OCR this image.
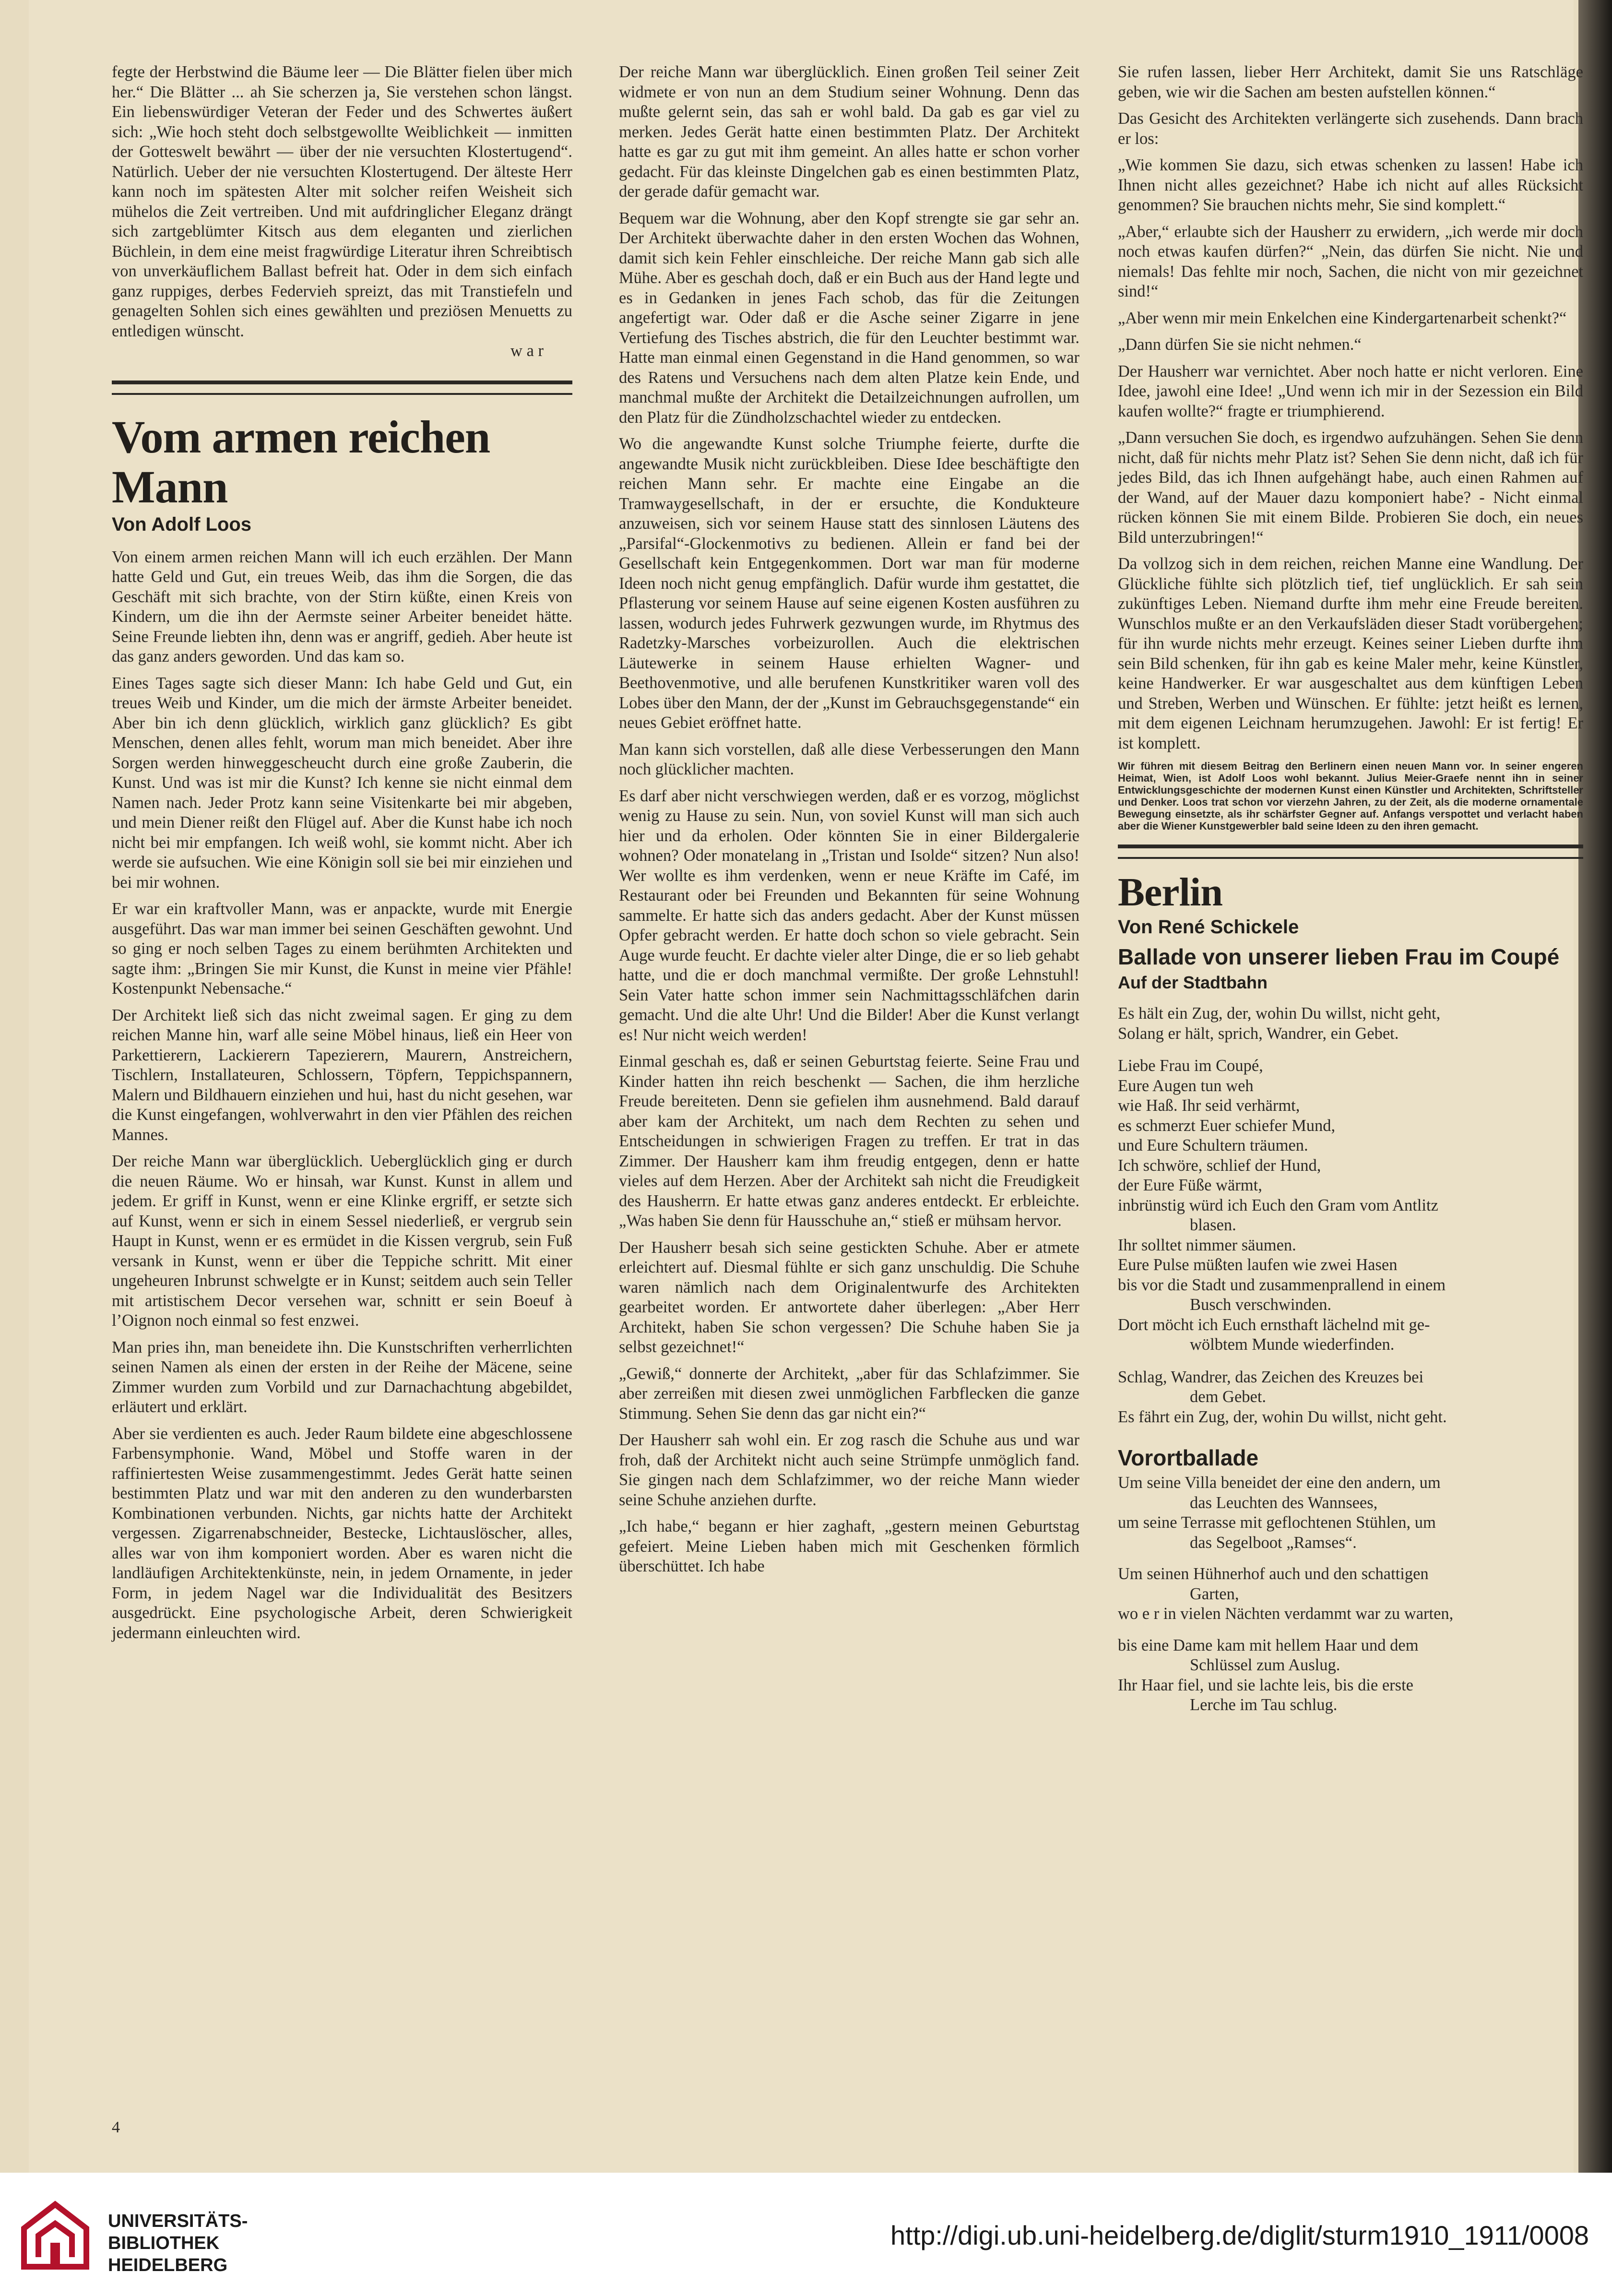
fegte der Herbstwind die Bäume leer — Die Blätter fielen über mich her.“ Die Blätter ... ah Sie scherzen ja, Sie verstehen schon längst. Ein liebenswürdiger Veteran der Feder und des Schwertes äußert sich: „Wie hoch steht doch selbstgewollte Weiblichkeit — inmitten der Gotteswelt bewährt — über der nie versuchten Klostertugend“. Natürlich. Ueber der nie versuchten Klostertugend. Der älteste Herr kann noch im spätesten Alter mit solcher reifen Weisheit sich mühelos die Zeit vertreiben. Und mit aufdringlicher Eleganz drängt sich zartgeblümter Kitsch aus dem eleganten und zierlichen Büchlein, in dem eine meist fragwürdige Literatur ihren Schreibtisch von unverkäuflichem Ballast befreit hat. Oder in dem sich einfach ganz ruppiges, derbes Federvieh spreizt, das mit Transtiefeln und genagelten Sohlen sich eines gewählten und preziösen Menuetts zu entledigen wünscht.

w a r

Vom armen reichen Mann
Von Adolf Loos

Von einem armen reichen Mann will ich euch erzählen. Der Mann hatte Geld und Gut, ein treues Weib, das ihm die Sorgen, die das Geschäft mit sich brachte, von der Stirn küßte, einen Kreis von Kindern, um die ihn der Aermste seiner Arbeiter beneidet hätte. Seine Freunde liebten ihn, denn was er angriff, gedieh. Aber heute ist das ganz anders geworden. Und das kam so.

Eines Tages sagte sich dieser Mann: Ich habe Geld und Gut, ein treues Weib und Kinder, um die mich der ärmste Arbeiter beneidet. Aber bin ich denn glücklich, wirklich ganz glücklich? Es gibt Menschen, denen alles fehlt, worum man mich beneidet. Aber ihre Sorgen werden hinweggescheucht durch eine große Zauberin, die Kunst. Und was ist mir die Kunst? Ich kenne sie nicht einmal dem Namen nach. Jeder Protz kann seine Visitenkarte bei mir abgeben, und mein Diener reißt den Flügel auf. Aber die Kunst habe ich noch nicht bei mir empfangen. Ich weiß wohl, sie kommt nicht. Aber ich werde sie aufsuchen. Wie eine Königin soll sie bei mir einziehen und bei mir wohnen.

Er war ein kraftvoller Mann, was er anpackte, wurde mit Energie ausgeführt. Das war man immer bei seinen Geschäften gewohnt. Und so ging er noch selben Tages zu einem berühmten Architekten und sagte ihm: „Bringen Sie mir Kunst, die Kunst in meine vier Pfähle! Kostenpunkt Nebensache.“

Der Architekt ließ sich das nicht zweimal sagen. Er ging zu dem reichen Manne hin, warf alle seine Möbel hinaus, ließ ein Heer von Parkettierern, Lackierern Tapezierern, Maurern, Anstreichern, Tischlern, Installateuren, Schlossern, Töpfern, Teppichspannern, Malern und Bildhauern einziehen und hui, hast du nicht gesehen, war die Kunst eingefangen, wohlverwahrt in den vier Pfählen des reichen Mannes.

Der reiche Mann war überglücklich. Ueberglücklich ging er durch die neuen Räume. Wo er hinsah, war Kunst. Kunst in allem und jedem. Er griff in Kunst, wenn er eine Klinke ergriff, er setzte sich auf Kunst, wenn er sich in einem Sessel niederließ, er vergrub sein Haupt in Kunst, wenn er es ermüdet in die Kissen vergrub, sein Fuß versank in Kunst, wenn er über die Teppiche schritt. Mit einer ungeheuren Inbrunst schwelgte er in Kunst; seitdem auch sein Teller mit artistischem Decor versehen war, schnitt er sein Boeuf à l’Oignon noch einmal so fest enzwei.

Man pries ihn, man beneidete ihn. Die Kunstschriften verherrlichten seinen Namen als einen der ersten in der Reihe der Mäcene, seine Zimmer wurden zum Vorbild und zur Darnachachtung abgebildet, erläutert und erklärt.

Aber sie verdienten es auch. Jeder Raum bildete eine abgeschlossene Farbensymphonie. Wand, Möbel und Stoffe waren in der raffiniertesten Weise zusammengestimmt. Jedes Gerät hatte seinen bestimmten Platz und war mit den anderen zu den wunderbarsten Kombinationen verbunden. Nichts, gar nichts hatte der Architekt vergessen. Zigarrenabschneider, Bestecke, Lichtauslöscher, alles, alles war von ihm komponiert worden. Aber es waren nicht die landläufigen Architektenkünste, nein, in jedem Ornamente, in jeder Form, in jedem Nagel war die Individualität des Besitzers ausgedrückt. Eine psychologische Arbeit, deren Schwierigkeit jedermann einleuchten wird.

Der reiche Mann war überglücklich. Einen großen Teil seiner Zeit widmete er von nun an dem Studium seiner Wohnung. Denn das mußte gelernt sein, das sah er wohl bald. Da gab es gar viel zu merken. Jedes Gerät hatte einen bestimmten Platz. Der Architekt hatte es gar zu gut mit ihm gemeint. An alles hatte er schon vorher gedacht. Für das kleinste Dingelchen gab es einen bestimmten Platz, der gerade dafür gemacht war.

Bequem war die Wohnung, aber den Kopf strengte sie gar sehr an. Der Architekt überwachte daher in den ersten Wochen das Wohnen, damit sich kein Fehler einschleiche. Der reiche Mann gab sich alle Mühe. Aber es geschah doch, daß er ein Buch aus der Hand legte und es in Gedanken in jenes Fach schob, das für die Zeitungen angefertigt war. Oder daß er die Asche seiner Zigarre in jene Vertiefung des Tisches abstrich, die für den Leuchter bestimmt war. Hatte man einmal einen Gegenstand in die Hand genommen, so war des Ratens und Versuchens nach dem alten Platze kein Ende, und manchmal mußte der Architekt die Detailzeichnungen aufrollen, um den Platz für die Zündholzschachtel wieder zu entdecken.

Wo die angewandte Kunst solche Triumphe feierte, durfte die angewandte Musik nicht zurückbleiben. Diese Idee beschäftigte den reichen Mann sehr. Er machte eine Eingabe an die Tramwaygesellschaft, in der er ersuchte, die Kondukteure anzuweisen, sich vor seinem Hause statt des sinnlosen Läutens des „Parsifal“-Glockenmotivs zu bedienen. Allein er fand bei der Gesellschaft kein Entgegenkommen. Dort war man für moderne Ideen noch nicht genug empfänglich. Dafür wurde ihm gestattet, die Pflasterung vor seinem Hause auf seine eigenen Kosten ausführen zu lassen, wodurch jedes Fuhrwerk gezwungen wurde, im Rhytmus des Radetzky-Marsches vorbeizurollen. Auch die elektrischen Läutewerke in seinem Hause erhielten Wagner- und Beethovenmotive, und alle berufenen Kunstkritiker waren voll des Lobes über den Mann, der der „Kunst im Gebrauchsgegenstande“ ein neues Gebiet eröffnet hatte.

Man kann sich vorstellen, daß alle diese Verbesserungen den Mann noch glücklicher machten.

Es darf aber nicht verschwiegen werden, daß er es vorzog, möglichst wenig zu Hause zu sein. Nun, von soviel Kunst will man sich auch hier und da erholen. Oder könnten Sie in einer Bildergalerie wohnen? Oder monatelang in „Tristan und Isolde“ sitzen? Nun also! Wer wollte es ihm verdenken, wenn er neue Kräfte im Café, im Restaurant oder bei Freunden und Bekannten für seine Wohnung sammelte. Er hatte sich das anders gedacht. Aber der Kunst müssen Opfer gebracht werden. Er hatte doch schon so viele gebracht. Sein Auge wurde feucht. Er dachte vieler alter Dinge, die er so lieb gehabt hatte, und die er doch manchmal vermißte. Der große Lehnstuhl! Sein Vater hatte schon immer sein Nachmittagsschläfchen darin gemacht. Und die alte Uhr! Und die Bilder! Aber die Kunst verlangt es! Nur nicht weich werden!

Einmal geschah es, daß er seinen Geburtstag feierte. Seine Frau und Kinder hatten ihn reich beschenkt — Sachen, die ihm herzliche Freude bereiteten. Denn sie gefielen ihm ausnehmend. Bald darauf aber kam der Architekt, um nach dem Rechten zu sehen und Entscheidungen in schwierigen Fragen zu treffen. Er trat in das Zimmer. Der Hausherr kam ihm freudig entgegen, denn er hatte vieles auf dem Herzen. Aber der Architekt sah nicht die Freudigkeit des Hausherrn. Er hatte etwas ganz anderes entdeckt. Er erbleichte. „Was haben Sie denn für Hausschuhe an,“ stieß er mühsam hervor.

Der Hausherr besah sich seine gestickten Schuhe. Aber er atmete erleichtert auf. Diesmal fühlte er sich ganz unschuldig. Die Schuhe waren nämlich nach dem Originalentwurfe des Architekten gearbeitet worden. Er antwortete daher überlegen: „Aber Herr Architekt, haben Sie schon vergessen? Die Schuhe haben Sie ja selbst gezeichnet!“

„Gewiß,“ donnerte der Architekt, „aber für das Schlafzimmer. Sie aber zerreißen mit diesen zwei unmöglichen Farbflecken die ganze Stimmung. Sehen Sie denn das gar nicht ein?“

Der Hausherr sah wohl ein. Er zog rasch die Schuhe aus und war froh, daß der Architekt nicht auch seine Strümpfe unmöglich fand. Sie gingen nach dem Schlafzimmer, wo der reiche Mann wieder seine Schuhe anziehen durfte.

„Ich habe,“ begann er hier zaghaft, „gestern meinen Geburtstag gefeiert. Meine Lieben haben mich mit Geschenken förmlich überschüttet. Ich habe

Sie rufen lassen, lieber Herr Architekt, damit Sie uns Ratschläge geben, wie wir die Sachen am besten aufstellen können.“

Das Gesicht des Architekten verlängerte sich zusehends. Dann brach er los:

„Wie kommen Sie dazu, sich etwas schenken zu lassen! Habe ich Ihnen nicht alles gezeichnet? Habe ich nicht auf alles Rücksicht genommen? Sie brauchen nichts mehr, Sie sind komplett.“

„Aber,“ erlaubte sich der Hausherr zu erwidern, „ich werde mir doch noch etwas kaufen dürfen?“ „Nein, das dürfen Sie nicht. Nie und niemals! Das fehlte mir noch, Sachen, die nicht von mir gezeichnet sind!“

„Aber wenn mir mein Enkelchen eine Kindergartenarbeit schenkt?“

„Dann dürfen Sie sie nicht nehmen.“

Der Hausherr war vernichtet. Aber noch hatte er nicht verloren. Eine Idee, jawohl eine Idee! „Und wenn ich mir in der Sezession ein Bild kaufen wollte?“ fragte er triumphierend.

„Dann versuchen Sie doch, es irgendwo aufzuhängen. Sehen Sie denn nicht, daß für nichts mehr Platz ist? Sehen Sie denn nicht, daß ich für jedes Bild, das ich Ihnen aufgehängt habe, auch einen Rahmen auf der Wand, auf der Mauer dazu komponiert habe? - Nicht einmal rücken können Sie mit einem Bilde. Probieren Sie doch, ein neues Bild unterzubringen!“

Da vollzog sich in dem reichen, reichen Manne eine Wandlung. Der Glückliche fühlte sich plötzlich tief, tief unglücklich. Er sah sein zukünftiges Leben. Niemand durfte ihm mehr eine Freude bereiten. Wunschlos mußte er an den Verkaufsläden dieser Stadt vorübergehen; für ihn wurde nichts mehr erzeugt. Keines seiner Lieben durfte ihm sein Bild schenken, für ihn gab es keine Maler mehr, keine Künstler, keine Handwerker. Er war ausgeschaltet aus dem künftigen Leben und Streben, Werben und Wünschen. Er fühlte: jetzt heißt es lernen, mit dem eigenen Leichnam herumzugehen. Jawohl: Er ist fertig! Er ist komplett.

Wir führen mit diesem Beitrag den Berlinern einen neuen Mann vor. In seiner engeren Heimat, Wien, ist Adolf Loos wohl bekannt. Julius Meier-Graefe nennt ihn in seiner Entwicklungsgeschichte der modernen Kunst einen Künstler und Architekten, Schriftsteller und Denker. Loos trat schon vor vierzehn Jahren, zu der Zeit, als die moderne ornamentale Bewegung einsetzte, als ihr schärfster Gegner auf. Anfangs verspottet und verlacht haben aber die Wiener Kunstgewerbler bald seine Ideen zu den ihren gemacht.

Berlin
Von René Schickele
Ballade von unserer lieben Frau im Coupé
Auf der Stadtbahn
Es hält ein Zug, der, wohin Du willst, nicht geht,
Solang er hält, sprich, Wandrer, ein Gebet.
Liebe Frau im Coupé,
Eure Augen tun weh
wie Haß. Ihr seid verhärmt,
es schmerzt Euer schiefer Mund,
und Eure Schultern träumen.
Ich schwöre, schlief der Hund,
der Eure Füße wärmt,
inbrünstig würd ich Euch den Gram vom Antlitz
blasen.
Ihr solltet nimmer säumen.
Eure Pulse müßten laufen wie zwei Hasen
bis vor die Stadt und zusammenprallend in einem
Busch verschwinden.
Dort möcht ich Euch ernsthaft lächelnd mit ge-
wölbtem Munde wiederfinden.
Schlag, Wandrer, das Zeichen des Kreuzes bei
dem Gebet.
Es fährt ein Zug, der, wohin Du willst, nicht geht.
Vorortballade
Um seine Villa beneidet der eine den andern, um
das Leuchten des Wannsees,
um seine Terrasse mit geflochtenen Stühlen, um
das Segelboot „Ramses“.
Um seinen Hühnerhof auch und den schattigen
Garten,
wo e r in vielen Nächten verdammt war zu warten,
bis eine Dame kam mit hellem Haar und dem
Schlüssel zum Auslug.
Ihr Haar fiel, und sie lachte leis, bis die erste
Lerche im Tau schlug.
4
UNIVERSITÄTS-
BIBLIOTHEK
HEIDELBERG
http://digi.ub.uni-heidelberg.de/diglit/sturm1910_1911/0008
